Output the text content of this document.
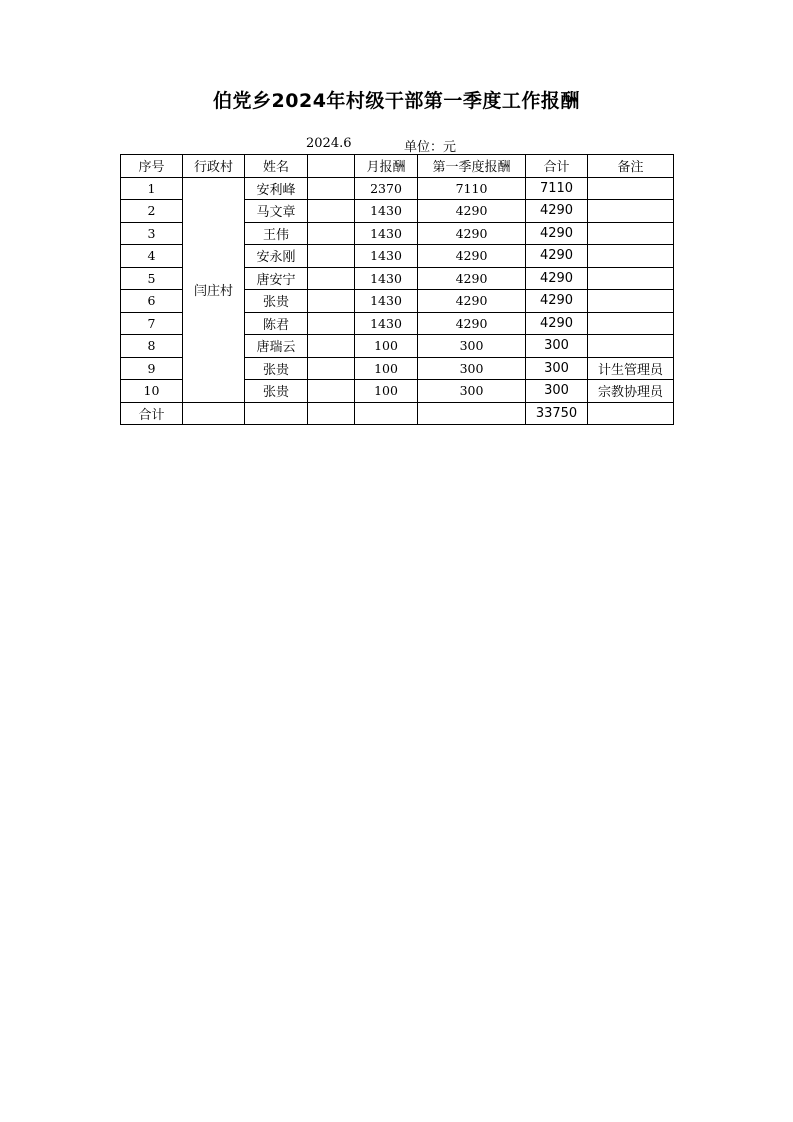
伯党乡2024年村级干部第一季度工作报酬
2024.6	单位：元
序号	行政村	姓名		月报酬	第一季度报酬	合计	备注
1	闫庄村	安利峰		2370	7110	7110	
2		马文章		1430	4290	4290	
3		王伟		1430	4290	4290	
4		安永刚		1430	4290	4290	
5		唐安宁		1430	4290	4290	
6		张贵		1430	4290	4290	
7		陈君		1430	4290	4290	
8		唐瑞云		100	300	300	
9		张贵		100	300	300	计生管理员
10		张贵		100	300	300	宗教协理员
合计						33750	
